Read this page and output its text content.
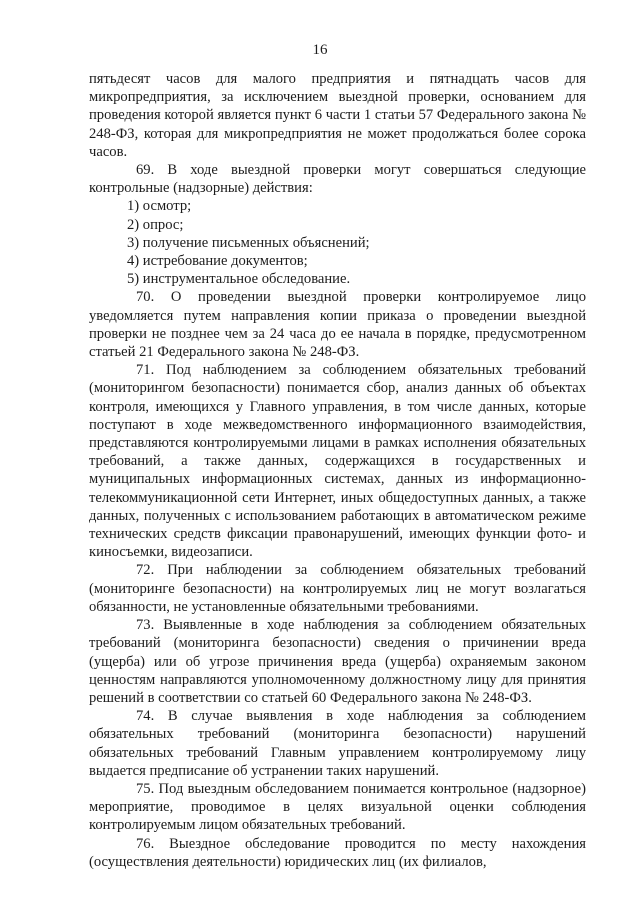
16

пятьдесят часов для малого предприятия и пятнадцать часов для микропредприятия, за исключением выездной проверки, основанием для проведения которой является пункт 6 части 1 статьи 57 Федерального закона № 248-ФЗ, которая для микропредприятия не может продолжаться более сорока часов.

69. В ходе выездной проверки могут совершаться следующие контрольные (надзорные) действия:

1) осмотр;

2) опрос;

3) получение письменных объяснений;

4) истребование документов;

5) инструментальное обследование.

70. О проведении выездной проверки контролируемое лицо уведомляется путем направления копии приказа о проведении выездной проверки не позднее чем за 24 часа до ее начала в порядке, предусмотренном статьей 21 Федерального закона № 248-ФЗ.

71. Под наблюдением за соблюдением обязательных требований (мониторингом безопасности) понимается сбор, анализ данных об объектах контроля, имеющихся у Главного управления, в том числе данных, которые поступают в ходе межведомственного информационного взаимодействия, представляются контролируемыми лицами в рамках исполнения обязательных требований, а также данных, содержащихся в государственных и муниципальных информационных системах, данных из информационно-телекоммуникационной сети Интернет, иных общедоступных данных, а также данных, полученных с использованием работающих в автоматическом режиме технических средств фиксации правонарушений, имеющих функции фото- и киносъемки, видеозаписи.

72. При наблюдении за соблюдением обязательных требований (мониторинге безопасности) на контролируемых лиц не могут возлагаться обязанности, не установленные обязательными требованиями.

73. Выявленные в ходе наблюдения за соблюдением обязательных требований (мониторинга безопасности) сведения о причинении вреда (ущерба) или об угрозе причинения вреда (ущерба) охраняемым законом ценностям направляются уполномоченному должностному лицу для принятия решений в соответствии со статьей 60 Федерального закона № 248-ФЗ.

74. В случае выявления в ходе наблюдения за соблюдением обязательных требований (мониторинга безопасности) нарушений обязательных требований Главным управлением контролируемому лицу выдается предписание об устранении таких нарушений.

75. Под выездным обследованием понимается контрольное (надзорное) мероприятие, проводимое в целях визуальной оценки соблюдения контролируемым лицом обязательных требований.

76. Выездное обследование проводится по месту нахождения (осуществления деятельности) юридических лиц (их филиалов,
